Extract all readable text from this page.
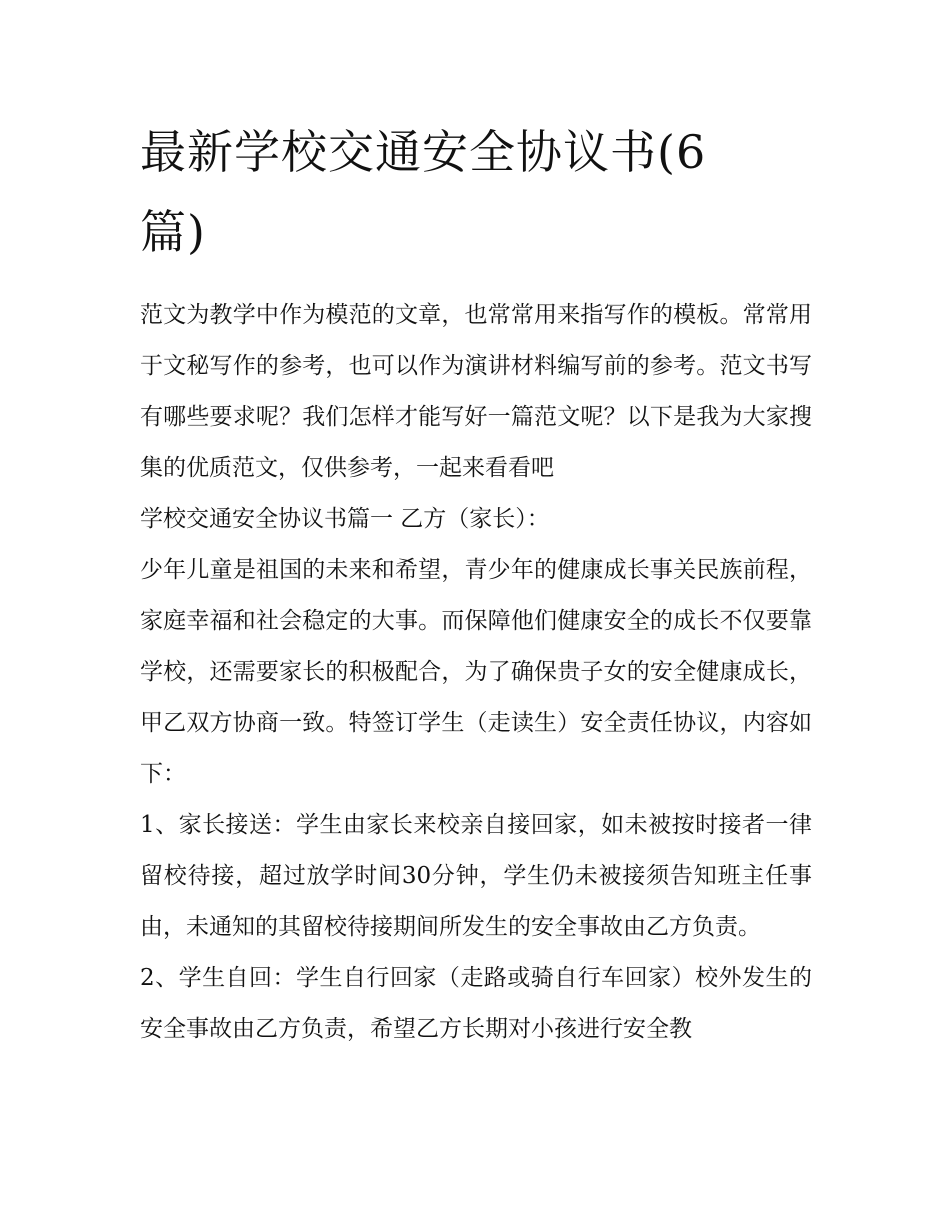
最新学校交通安全协议书(6篇)

范文为教学中作为模范的文章，也常常用来指写作的模板。常常用于文秘写作的参考，也可以作为演讲材料编写前的参考。范文书写有哪些要求呢？我们怎样才能写好一篇范文呢？以下是我为大家搜集的优质范文，仅供参考，一起来看看吧

学校交通安全协议书篇一 乙方（家长）：

少年儿童是祖国的未来和希望，青少年的健康成长事关民族前程，家庭幸福和社会稳定的大事。而保障他们健康安全的成长不仅要靠学校，还需要家长的积极配合，为了确保贵子女的安全健康成长，甲乙双方协商一致。特签订学生（走读生）安全责任协议，内容如下：

1、家长接送：学生由家长来校亲自接回家，如未被按时接者一律留校待接，超过放学时间30分钟，学生仍未被接须告知班主任事由，未通知的其留校待接期间所发生的安全事故由乙方负责。

2、学生自回：学生自行回家（走路或骑自行车回家）校外发生的安全事故由乙方负责，希望乙方长期对小孩进行安全教
